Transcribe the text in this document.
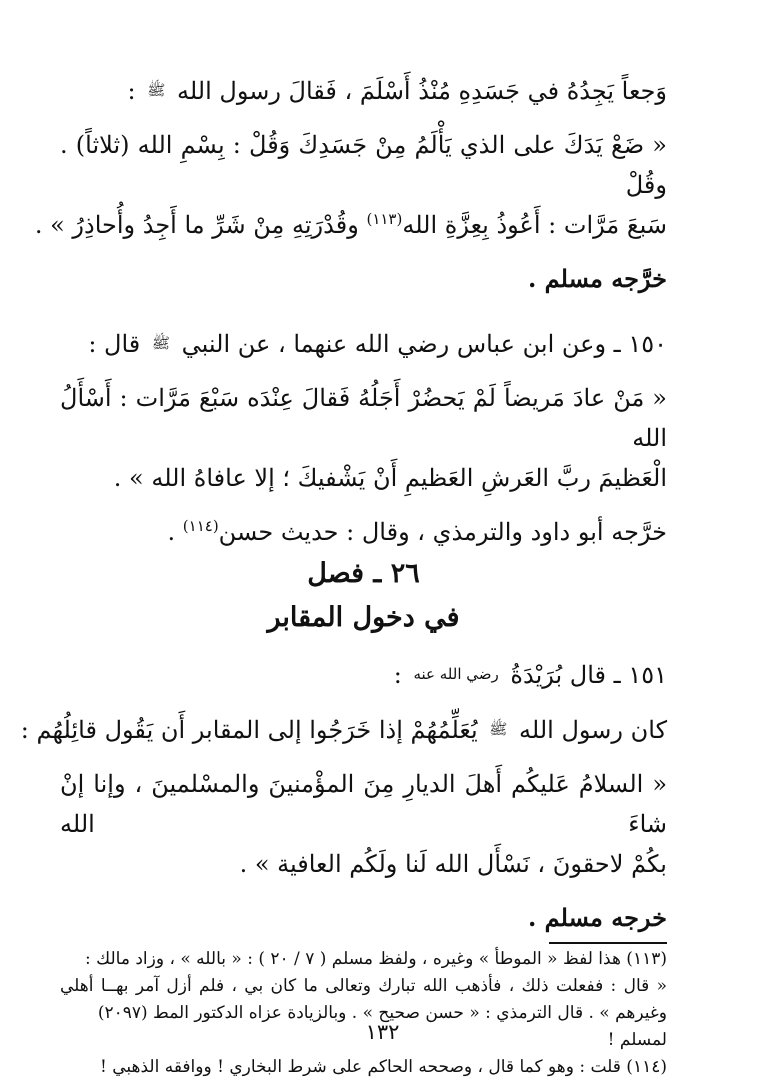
وَجعاً يَجِدُهُ في جَسَدِهِ مُنْذُ أَسْلَمَ ، فَقالَ رسول الله ﷺ :

« ضَعْ يَدَكَ على الذي يَأْلَمُ مِنْ جَسَدِكَ وَقُلْ : بِسْمِ الله (ثلاثاً) . وقُلْ

سَبعَ مَرَّات : أَعُوذُ بِعِزَّةِ الله$^{(١١٣)}$ وقُدْرَتِهِ مِنْ شَرِّ ما أَجِدُ وأُحاذِرُ » .

خرَّجه مسلم .

١٥٠ ـ وعن ابن عباس رضي الله عنهما ، عن النبي ﷺ قال :

« مَنْ عادَ مَريضاً لَمْ يَحضُرْ أَجَلُهُ فَقالَ عِنْدَه سَبْعَ مَرَّات : أَسْأَلُ الله

الْعَظيمَ ربَّ العَرشِ العَظيمِ أَنْ يَشْفيكَ ؛ إلا عافاهُ الله » .

خرَّجه أبو داود والترمذي ، وقال : حديث حسن$^{(١١٤)}$ .

٢٦ ـ فصل

في دخول المقابر

١٥١ ـ قال بُرَيْدَةُ رضي الله عنه :

كان رسول الله ﷺ يُعَلِّمُهُمْ إذا خَرَجُوا إلى المقابر أَن يَقُول قائِلُهُم :

« السلامُ عَليكُم أَهلَ الديارِ مِنَ المؤْمنينَ والمسْلمينَ ، وإنا إنْ شاءَ الله

بكُمْ لاحقونَ ، نَسْأَل الله لَنا ولَكُم العافية » .

خرجه مسلم .

(١١٣) هذا لفظ « الموطأ » وغيره ، ولفظ مسلم ( ٧ / ٢٠ ) : « بالله » ، وزاد مالك :

« قال : ففعلت ذلك ، فأذهب الله تبارك وتعالى ما كان بي ، فلم أزل آمر بهــا أهلي

وغيرهم » . قال الترمذي : « حسن صحيح » . وبالزيادة عزاه الدكتور المط (٢٠٩٧) لمسلم !

(١١٤) قلت : وهو كما قال ، وصححه الحاكم على شرط البخاري ! ووافقه الذهبي !

١٣٢
